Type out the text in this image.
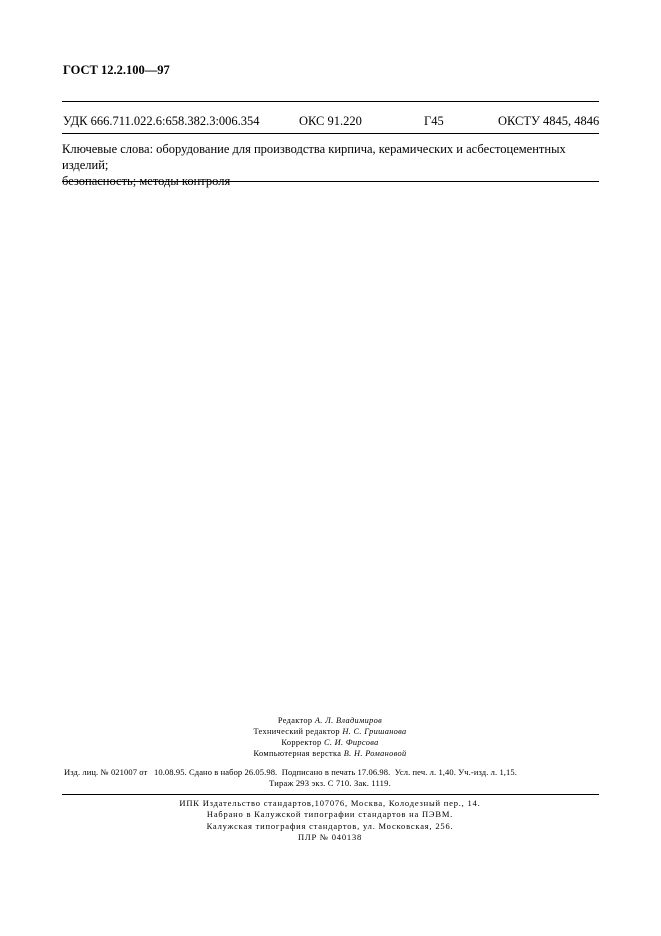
ГОСТ 12.2.100—97
УДК 666.711.022.6:658.382.3:006.354	ОКС 91.220	Г45	ОКСТУ 4845, 4846
Ключевые слова: оборудование для производства кирпича, керамических и асбестоцементных изделий;
безопасность; методы контроля
Редактор А. Л. Владимиров
Технический редактор Н. С. Гришанова
Корректор С. И. Фирсова
Компьютерная верстка В. Н. Романовой
Изд. лиц. № 021007 от   10.08.95. Сдано в набор 26.05.98.  Подписано в печать 17.06.98.  Усл. печ. л. 1,40. Уч.-изд. л. 1,15.
Тираж 293 экз. С 710. Зак. 1119.
ИПК Издательство стандартов,107076, Москва, Колодезный пер., 14.
Набрано в Калужской типографии стандартов на ПЭВМ.
Калужская типография стандартов, ул. Московская, 256.
ПЛР № 040138
